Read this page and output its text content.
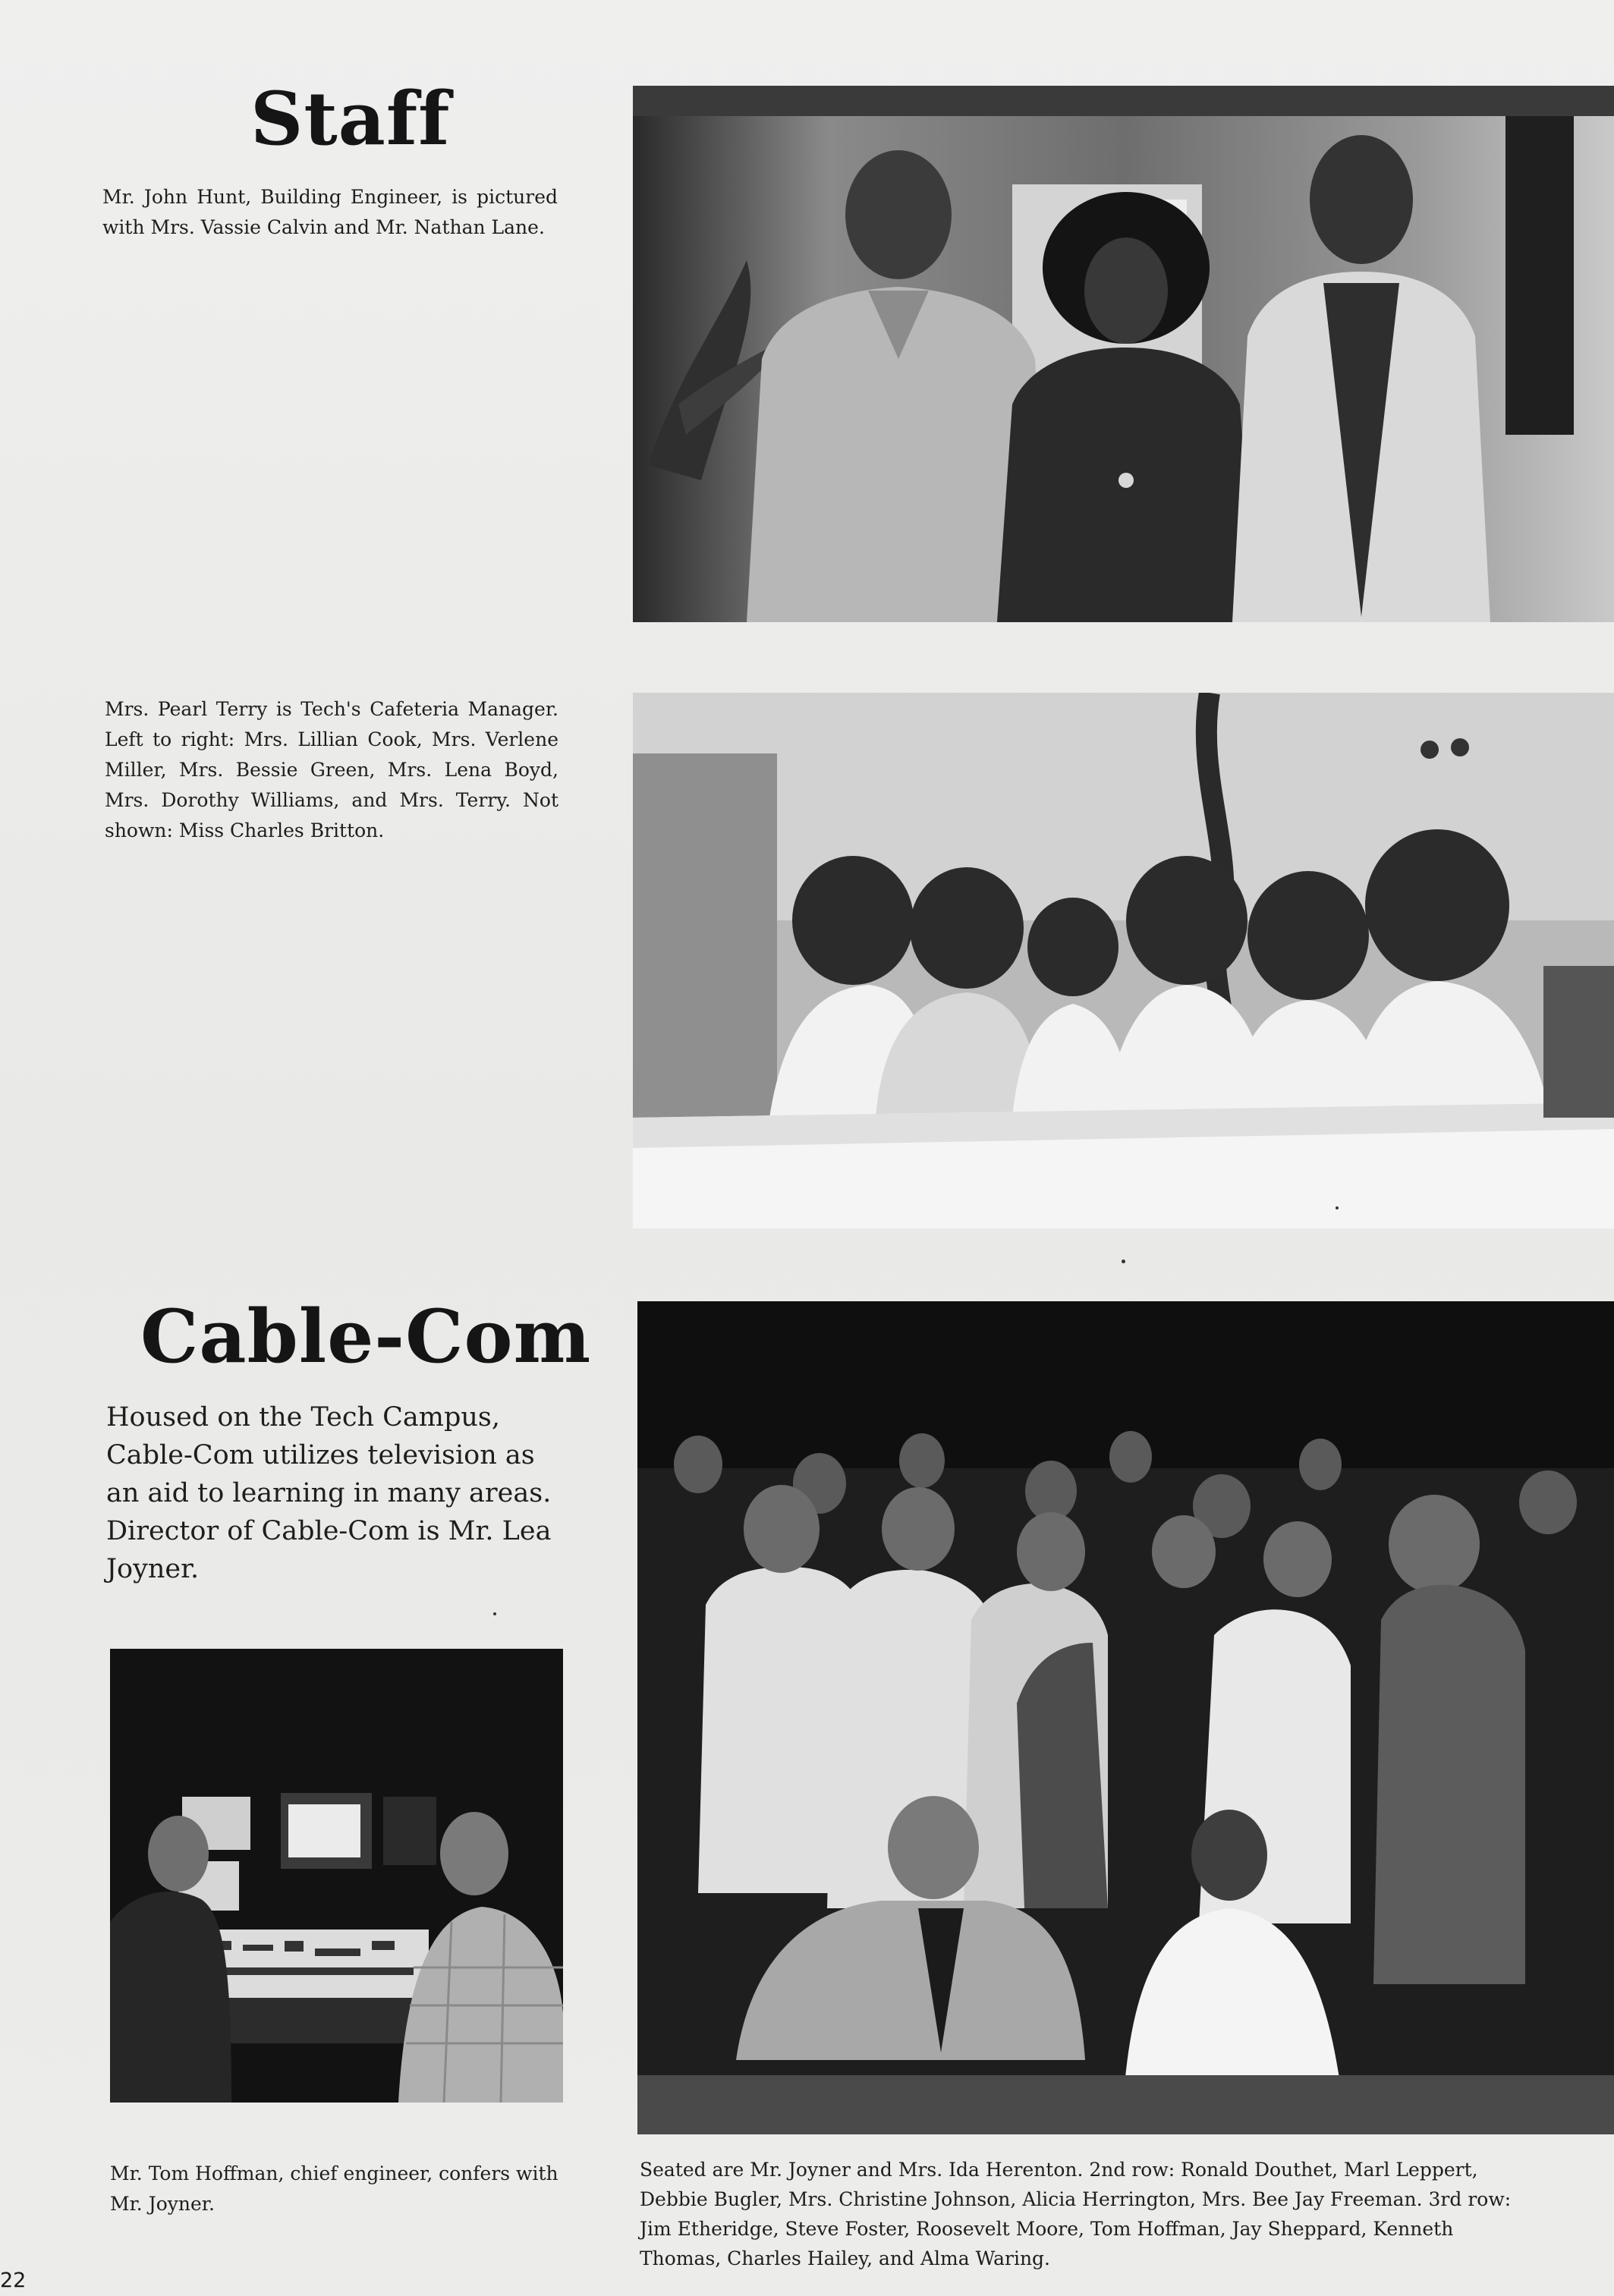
Staff

Mr. John Hunt, Building Engineer, is pictured with Mrs. Vassie Calvin and Mr. Nathan Lane.

Mrs. Pearl Terry is Tech's Cafeteria Manager. Left to right: Mrs. Lillian Cook, Mrs. Verlene Miller, Mrs. Bessie Green, Mrs. Lena Boyd, Mrs. Dorothy Williams, and Mrs. Terry. Not shown: Miss Charles Britton.

Cable-Com

Housed on the Tech Campus, Cable-Com utilizes television as an aid to learning in many areas. Director of Cable-Com is Mr. Lea Joyner.

Mr. Tom Hoffman, chief engineer, confers with Mr. Joyner.

Seated are Mr. Joyner and Mrs. Ida Herenton. 2nd row: Ronald Douthet, Marl Leppert,
Debbie Bugler, Mrs. Christine Johnson, Alicia Herrington, Mrs. Bee Jay Freeman. 3rd row:
Jim Etheridge, Steve Foster, Roosevelt Moore, Tom Hoffman, Jay Sheppard, Kenneth
Thomas, Charles Hailey, and Alma Waring.

22
